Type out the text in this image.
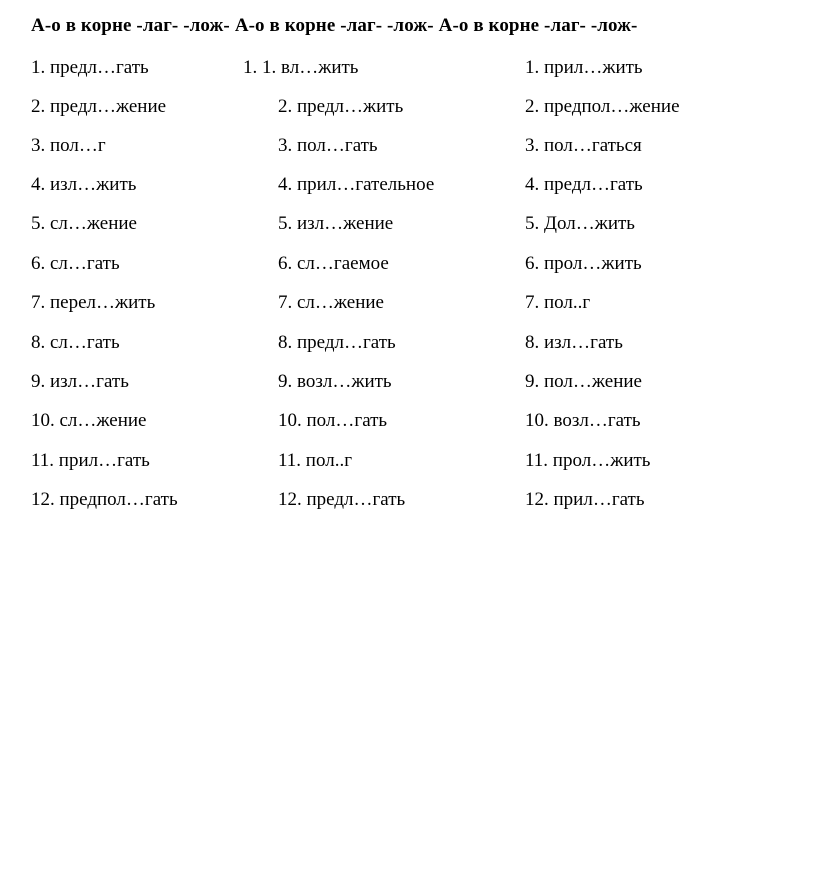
А-о в корне -лаг- -лож- А-о в корне -лаг- -лож- А-о в корне -лаг- -лож-
1. предл…гать	1. 1. вл…жить	1. прил…жить
2. предл…жение	2. предл…жить	2. предпол…жение
3. пол…г	3. пол…гать	3. пол…гаться
4. изл…жить	4. прил…гательное	4. предл…гать
5. сл…жение	5. изл…жение	5. Дол…жить
6. сл…гать	6. сл…гаемое	6. прол…жить
7. перел…жить	7. сл…жение	7. пол..г
8. сл…гать	8. предл…гать	8. изл…гать
9. изл…гать	9. возл…жить	9. пол…жение
10. сл…жение	10. пол…гать	10. возл…гать
11. прил…гать	11. пол..г	11. прол…жить
12. предпол…гать	12. предл…гать	12. прил…гать
